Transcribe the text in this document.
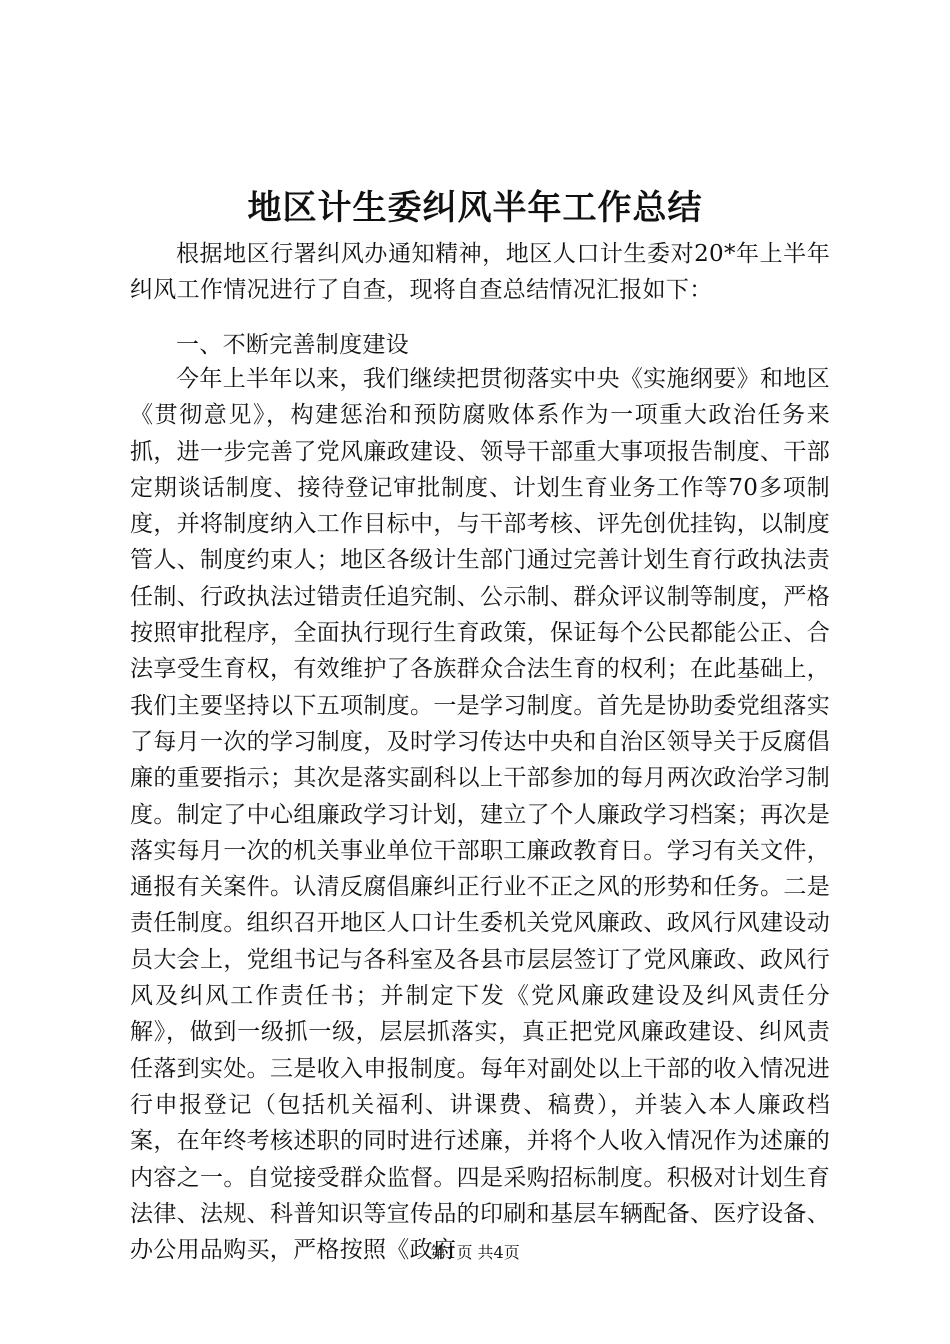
地区计生委纠风半年工作总结
根据地区行署纠风办通知精神，地区人口计生委对20*年上半年纠风工作情况进行了自查，现将自查总结情况汇报如下：
一、不断完善制度建设
今年上半年以来，我们继续把贯彻落实中央《实施纲要》和地区《贯彻意见》，构建惩治和预防腐败体系作为一项重大政治任务来抓，进一步完善了党风廉政建设、领导干部重大事项报告制度、干部定期谈话制度、接待登记审批制度、计划生育业务工作等70多项制度，并将制度纳入工作目标中，与干部考核、评先创优挂钩，以制度管人、制度约束人；地区各级计生部门通过完善计划生育行政执法责任制、行政执法过错责任追究制、公示制、群众评议制等制度，严格按照审批程序，全面执行现行生育政策，保证每个公民都能公正、合法享受生育权，有效维护了各族群众合法生育的权利；在此基础上，我们主要坚持以下五项制度。一是学习制度。首先是协助委党组落实了每月一次的学习制度，及时学习传达中央和自治区领导关于反腐倡廉的重要指示；其次是落实副科以上干部参加的每月两次政治学习制度。制定了中心组廉政学习计划，建立了个人廉政学习档案；再次是落实每月一次的机关事业单位干部职工廉政教育日。学习有关文件，通报有关案件。认清反腐倡廉纠正行业不正之风的形势和任务。二是责任制度。组织召开地区人口计生委机关党风廉政、政风行风建设动员大会上，党组书记与各科室及各县市层层签订了党风廉政、政风行风及纠风工作责任书；并制定下发《党风廉政建设及纠风责任分解》，做到一级抓一级，层层抓落实，真正把党风廉政建设、纠风责任落到实处。三是收入申报制度。每年对副处以上干部的收入情况进行申报登记（包括机关福利、讲课费、稿费），并装入本人廉政档案，在年终考核述职的同时进行述廉，并将个人收入情况作为述廉的内容之一。自觉接受群众监督。四是采购招标制度。积极对计划生育法律、法规、科普知识等宣传品的印刷和基层车辆配备、医疗设备、办公用品购买，严格按照《政府
第1页 共4页
